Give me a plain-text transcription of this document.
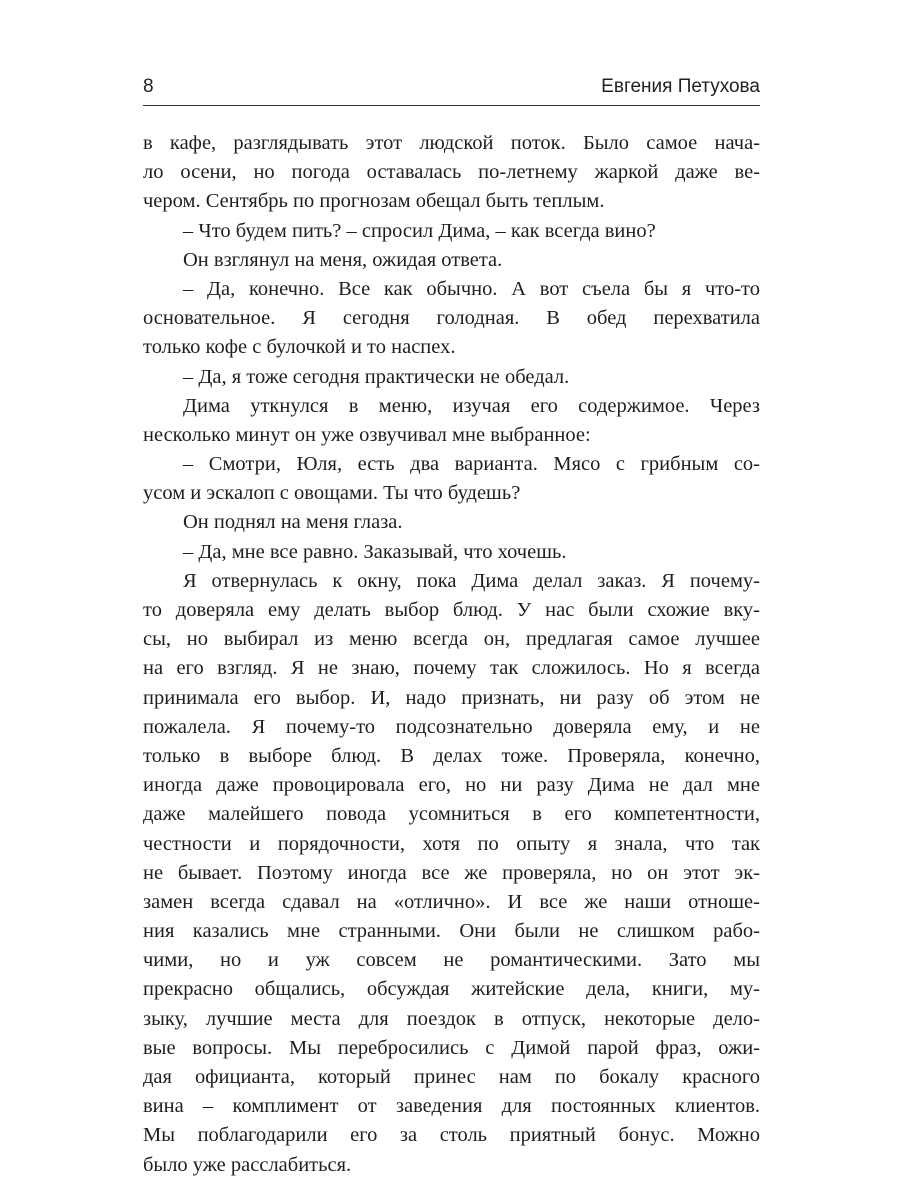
8	Евгения Петухова
в кафе, разглядывать этот людской поток. Было самое нача-
ло осени, но погода оставалась по-летнему жаркой даже ве-
чером. Сентябрь по прогнозам обещал быть теплым.
– Что будем пить? – спросил Дима, – как всегда вино?
Он взглянул на меня, ожидая ответа.
– Да, конечно. Все как обычно. А вот съела бы я что-то
основательное. Я сегодня голодная. В обед перехватила
только кофе с булочкой и то наспех.
– Да, я тоже сегодня практически не обедал.
Дима уткнулся в меню, изучая его содержимое. Через
несколько минут он уже озвучивал мне выбранное:
– Смотри, Юля, есть два варианта. Мясо с грибным со-
усом и эскалоп с овощами. Ты что будешь?
Он поднял на меня глаза.
– Да, мне все равно. Заказывай, что хочешь.
Я отвернулась к окну, пока Дима делал заказ. Я почему-
то доверяла ему делать выбор блюд. У нас были схожие вку-
сы, но выбирал из меню всегда он, предлагая самое лучшее
на его взгляд. Я не знаю, почему так сложилось. Но я всегда
принимала его выбор. И, надо признать, ни разу об этом не
пожалела. Я почему-то подсознательно доверяла ему, и не
только в выборе блюд. В делах тоже. Проверяла, конечно,
иногда даже провоцировала его, но ни разу Дима не дал мне
даже малейшего повода усомниться в его компетентности,
честности и порядочности, хотя по опыту я знала, что так
не бывает. Поэтому иногда все же проверяла, но он этот эк-
замен всегда сдавал на «отлично». И все же наши отноше-
ния казались мне странными. Они были не слишком рабо-
чими, но и уж совсем не романтическими. Зато мы
прекрасно общались, обсуждая житейские дела, книги, му-
зыку, лучшие места для поездок в отпуск, некоторые дело-
вые вопросы. Мы перебросились с Димой парой фраз, ожи-
дая официанта, который принес нам по бокалу красного
вина – комплимент от заведения для постоянных клиентов.
Мы поблагодарили его за столь приятный бонус. Можно
было уже расслабиться.
